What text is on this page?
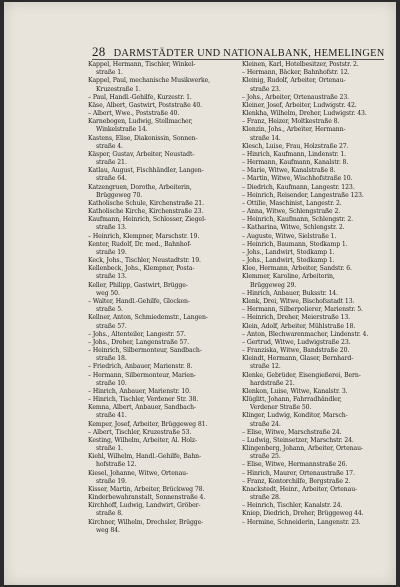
28 DARMSTÄDTER UND NATIONALBANK, HEMELINGEN
Kappel, Hermann, Tischler, Winkel-
straße 1.
Kappel, Paul, mechanische Musikwerke,
Kruzestraße 1.
– Paul, Handl.-Gehilfe, Kurzestr. 1.
Käse, Albert, Gastwirt, Poststraße 40.
– Albert, Wwe., Poststraße 40.
Karnebogen, Ludwig, Stellmacher,
Winkelstraße 14.
Kastens, Elise, Diakonissin, Sonnen-
straße 4.
Käsper, Gustav, Arbeiter, Neustadt-
straße 21.
Katlau, August, Fischhändler, Langen-
straße 64.
Katzengruen, Dorothe, Arbeiterin,
Brüggeweg 70.
Katholische Schule, Kirchenstraße 21.
Katholische Kirche, Kirchenstraße 23.
Kaufmann, Heinrich, Schlosser, Ziegel-
straße 13.
– Heinrich, Klempner, Marschstr. 19.
Kenter, Rudolf, Dr. med., Bahnhof-
straße 19.
Keck, Johs., Tischler, Neustadtstr. 19.
Kellenbeck, Johs., Klempner, Posta-
straße 13.
Keller, Philipp, Gastwirt, Brügge-
weg 50.
– Walter, Handl.-Gehilfe, Glocken-
straße 5.
Kellner, Anton, Schmiedemstr., Langen-
straße 57.
– Johs., Altenteiler, Langestr. 57.
– Johs., Dreher, Langenstraße 57.
– Heinrich, Silbermonteur, Sandbach-
straße 18.
– Friedrich, Anbauer, Marienstr. 8.
– Hermann, Silbermonteur, Marien-
straße 10.
– Hinrich, Anbauer, Marienstr. 10.
– Hinrich, Tischler, Verdener Str. 38.
Kemna, Albert, Anbauer, Sandbach-
straße 41.
Kemper, Josef, Arbeiter, Brüggeweg 81.
– Albert, Tischler, Kruzestraße 53.
Kesting, Wilhelm, Arbeiter, Al. Holz-
straße 1.
Kiehl, Wilhelm, Handl.-Gehilfe, Bahn-
hofstraße 12.
Kiesel, Johanne, Witwe, Ortenau-
straße 19.
Kisser, Martin, Arbeiter, Brückweg 78.
Kinderbewahranstalt, Sonnenstraße 4.
Kirchhoff, Ludwig, Landwirt, Gröber-
straße 8.
Kirchner, Wilhelm, Drechsler, Brügge-
weg 84.
Kleinen, Karl, Hotelbesitzer, Poststr. 2.
– Hermann, Bäcker, Bahnhofstr. 12.
Kleinig, Rudolf, Arbeiter, Ortenau-
straße 23.
– Johs., Arbeiter, Ortenaustraße 23.
Kleiner, Josef, Arbeiter, Ludwigstr. 42.
Klenkha, Wilhelm, Dreher, Ludwigstr. 43.
– Franz, Heizer, Moltkestraße 8.
Klenzin, Johs., Arbeiter, Hermann-
straße 14.
Klesch, Luise, Frau, Holzstraße 27.
– Hinrich, Kaufmann, Lindenstr. 1.
– Hermann, Kaufmann, Kanalstr. 8.
– Marie, Witwe, Kanalstraße 8.
– Martin, Witwe, Wischhofstraße 10.
– Diedrich, Kaufmann, Langestr. 123.
– Heinrich, Reisender, Langestraße 123.
– Ottilie, Maschinist, Langestr. 2.
– Anna, Witwe, Schlengstraße 2.
– Heinrich, Kaufmann, Schlengstr. 2.
– Katharina, Witwe, Schlengstr. 2.
– Auguste, Witwe, Sielstraße 1.
– Heinrich, Baumann, Stedkamp 1.
– Johs., Landwirt, Stedkamp 1.
– Johs., Landwirt, Stedkamp 1.
Klee, Hermann, Arbeiter, Sandstr. 6.
Klemmer, Karoline, Arbeiterin,
Brüggeweg 29.
– Hinrich, Anbauer, Buksstr. 14.
Klenk, Drei, Witwe, Bischofsstadt 13.
– Hermann, Silberpolierer, Marienstr. 5.
– Heinrich, Dreher, Meierstraße 13.
Klein, Adolf, Arbeiter, Mühlstraße 18.
– Anton, Blechwarenmacher, Lindenstr. 4.
– Gertrud, Witwe, Ludwigstraße 23.
– Franziska, Witwe, Bandstraße 20.
Kleindt, Hermann, Glaser, Bernhard-
straße 12.
Klenke, Gebrüder, Eisengießerei, Bern-
hardstraße 21.
Klenkon, Luise, Witwe, Kanalstr. 3.
Klüglitt, Johann, Fahrradhändler,
Verdener Straße 50.
Klinger, Ludwig, Konditor, Marsch-
straße 24.
– Elise, Witwe, Marschstraße 24.
– Ludwig, Steinsetzer, Marschstr. 24.
Klingenberg, Johann, Arbeiter, Ortenau-
straße 25.
– Elise, Witwe, Hermannstraße 26.
– Hinrich, Maurer, Ortenaustraße 17.
– Franz, Kontorchilfe, Bergstraße 2.
Knackstedt, Heinr., Arbeiter, Ortenau-
straße 28.
– Heinrich, Tischler, Kanalstr. 24.
Kniep, Diedrich, Dreher, Brüggeweg 44.
– Hermine, Schneiderin, Langenstr. 23.
